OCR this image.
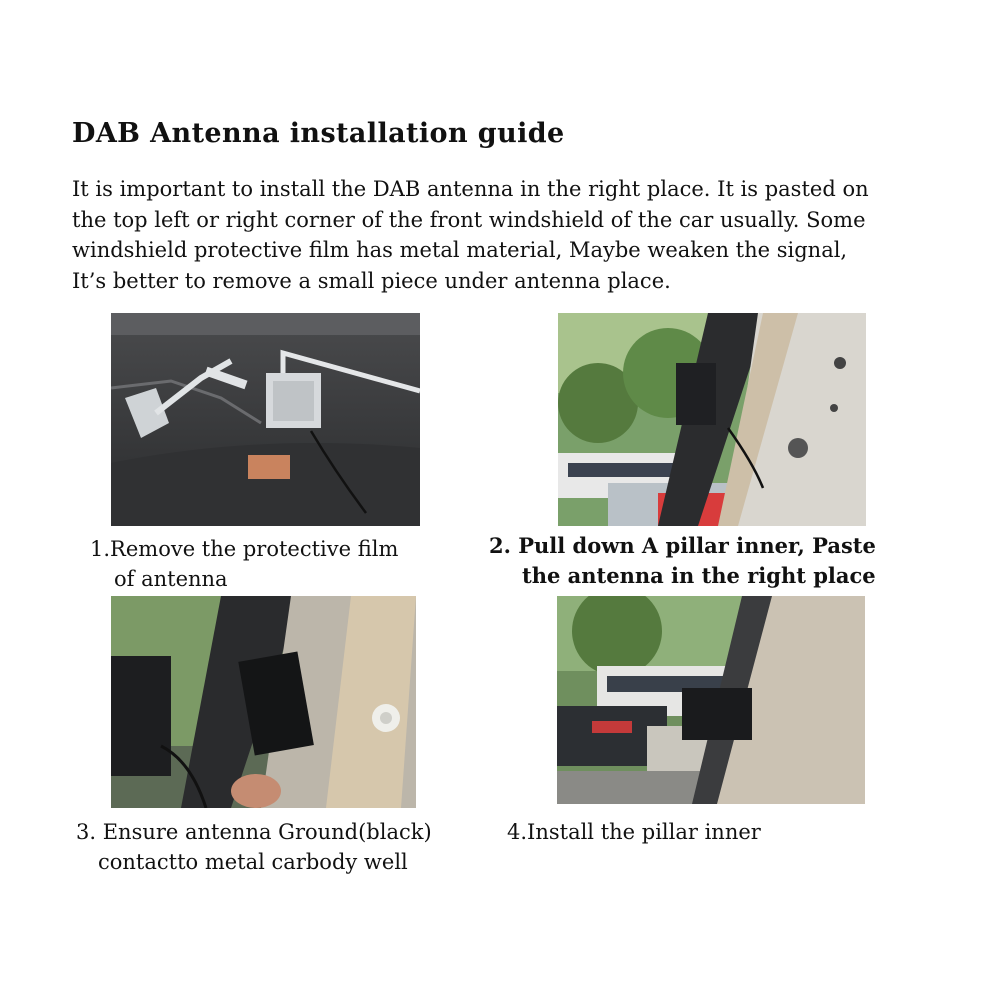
DAB Antenna installation guide
It is important to install the DAB antenna in the right place. It is pasted on
the top left or right corner of the front windshield of the car usually. Some
windshield protective film has metal material, Maybe weaken the signal,
It’s better to remove a small piece under antenna place.

1.Remove the protective film
of antenna

2. Pull down A pillar inner, Paste
the antenna in the right place

3. Ensure antenna Ground(black)
contactto metal carbody well

4.Install the pillar inner
